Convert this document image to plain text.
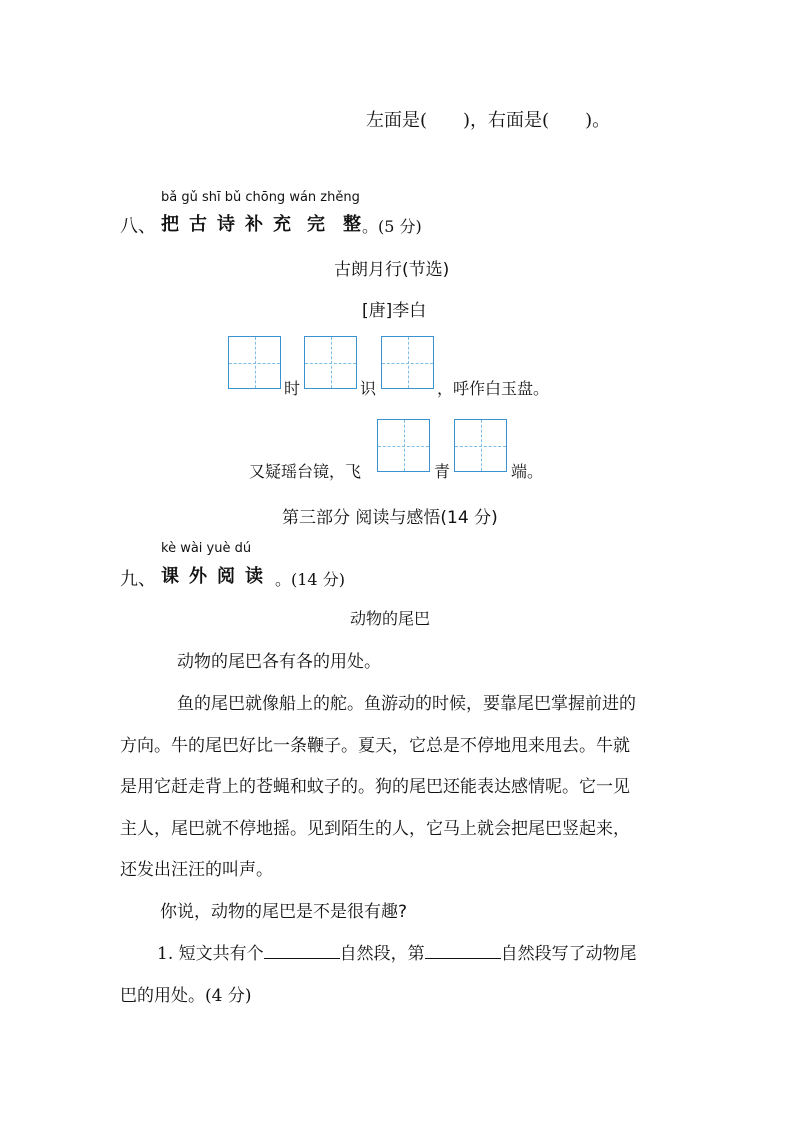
左面是(　　)，右面是(　　)。
bǎ gǔ shī bǔ chōng wán zhěng
八、 把 古 诗 补 充 完 整 。(5 分)
古朗月行(节选)
[唐]李白
时	识	，呼作白玉盘。
又疑瑶台镜，飞	青	端。
第三部分 阅读与感悟(14 分)
kè wài yuè dú
九、 课 外 阅 读 。(14 分)
动物的尾巴
动物的尾巴各有各的用处。
鱼的尾巴就像船上的舵。鱼游动的时候，要靠尾巴掌握前进的
方向。牛的尾巴好比一条鞭子。夏天，它总是不停地甩来甩去。牛就
是用它赶走背上的苍蝇和蚊子的。狗的尾巴还能表达感情呢。它一见
主人，尾巴就不停地摇。见到陌生的人，它马上就会把尾巴竖起来，
还发出汪汪的叫声。
你说，动物的尾巴是不是很有趣?
1. 短文共有个	自然段，第	自然段写了动物尾
巴的用处。(4 分)
